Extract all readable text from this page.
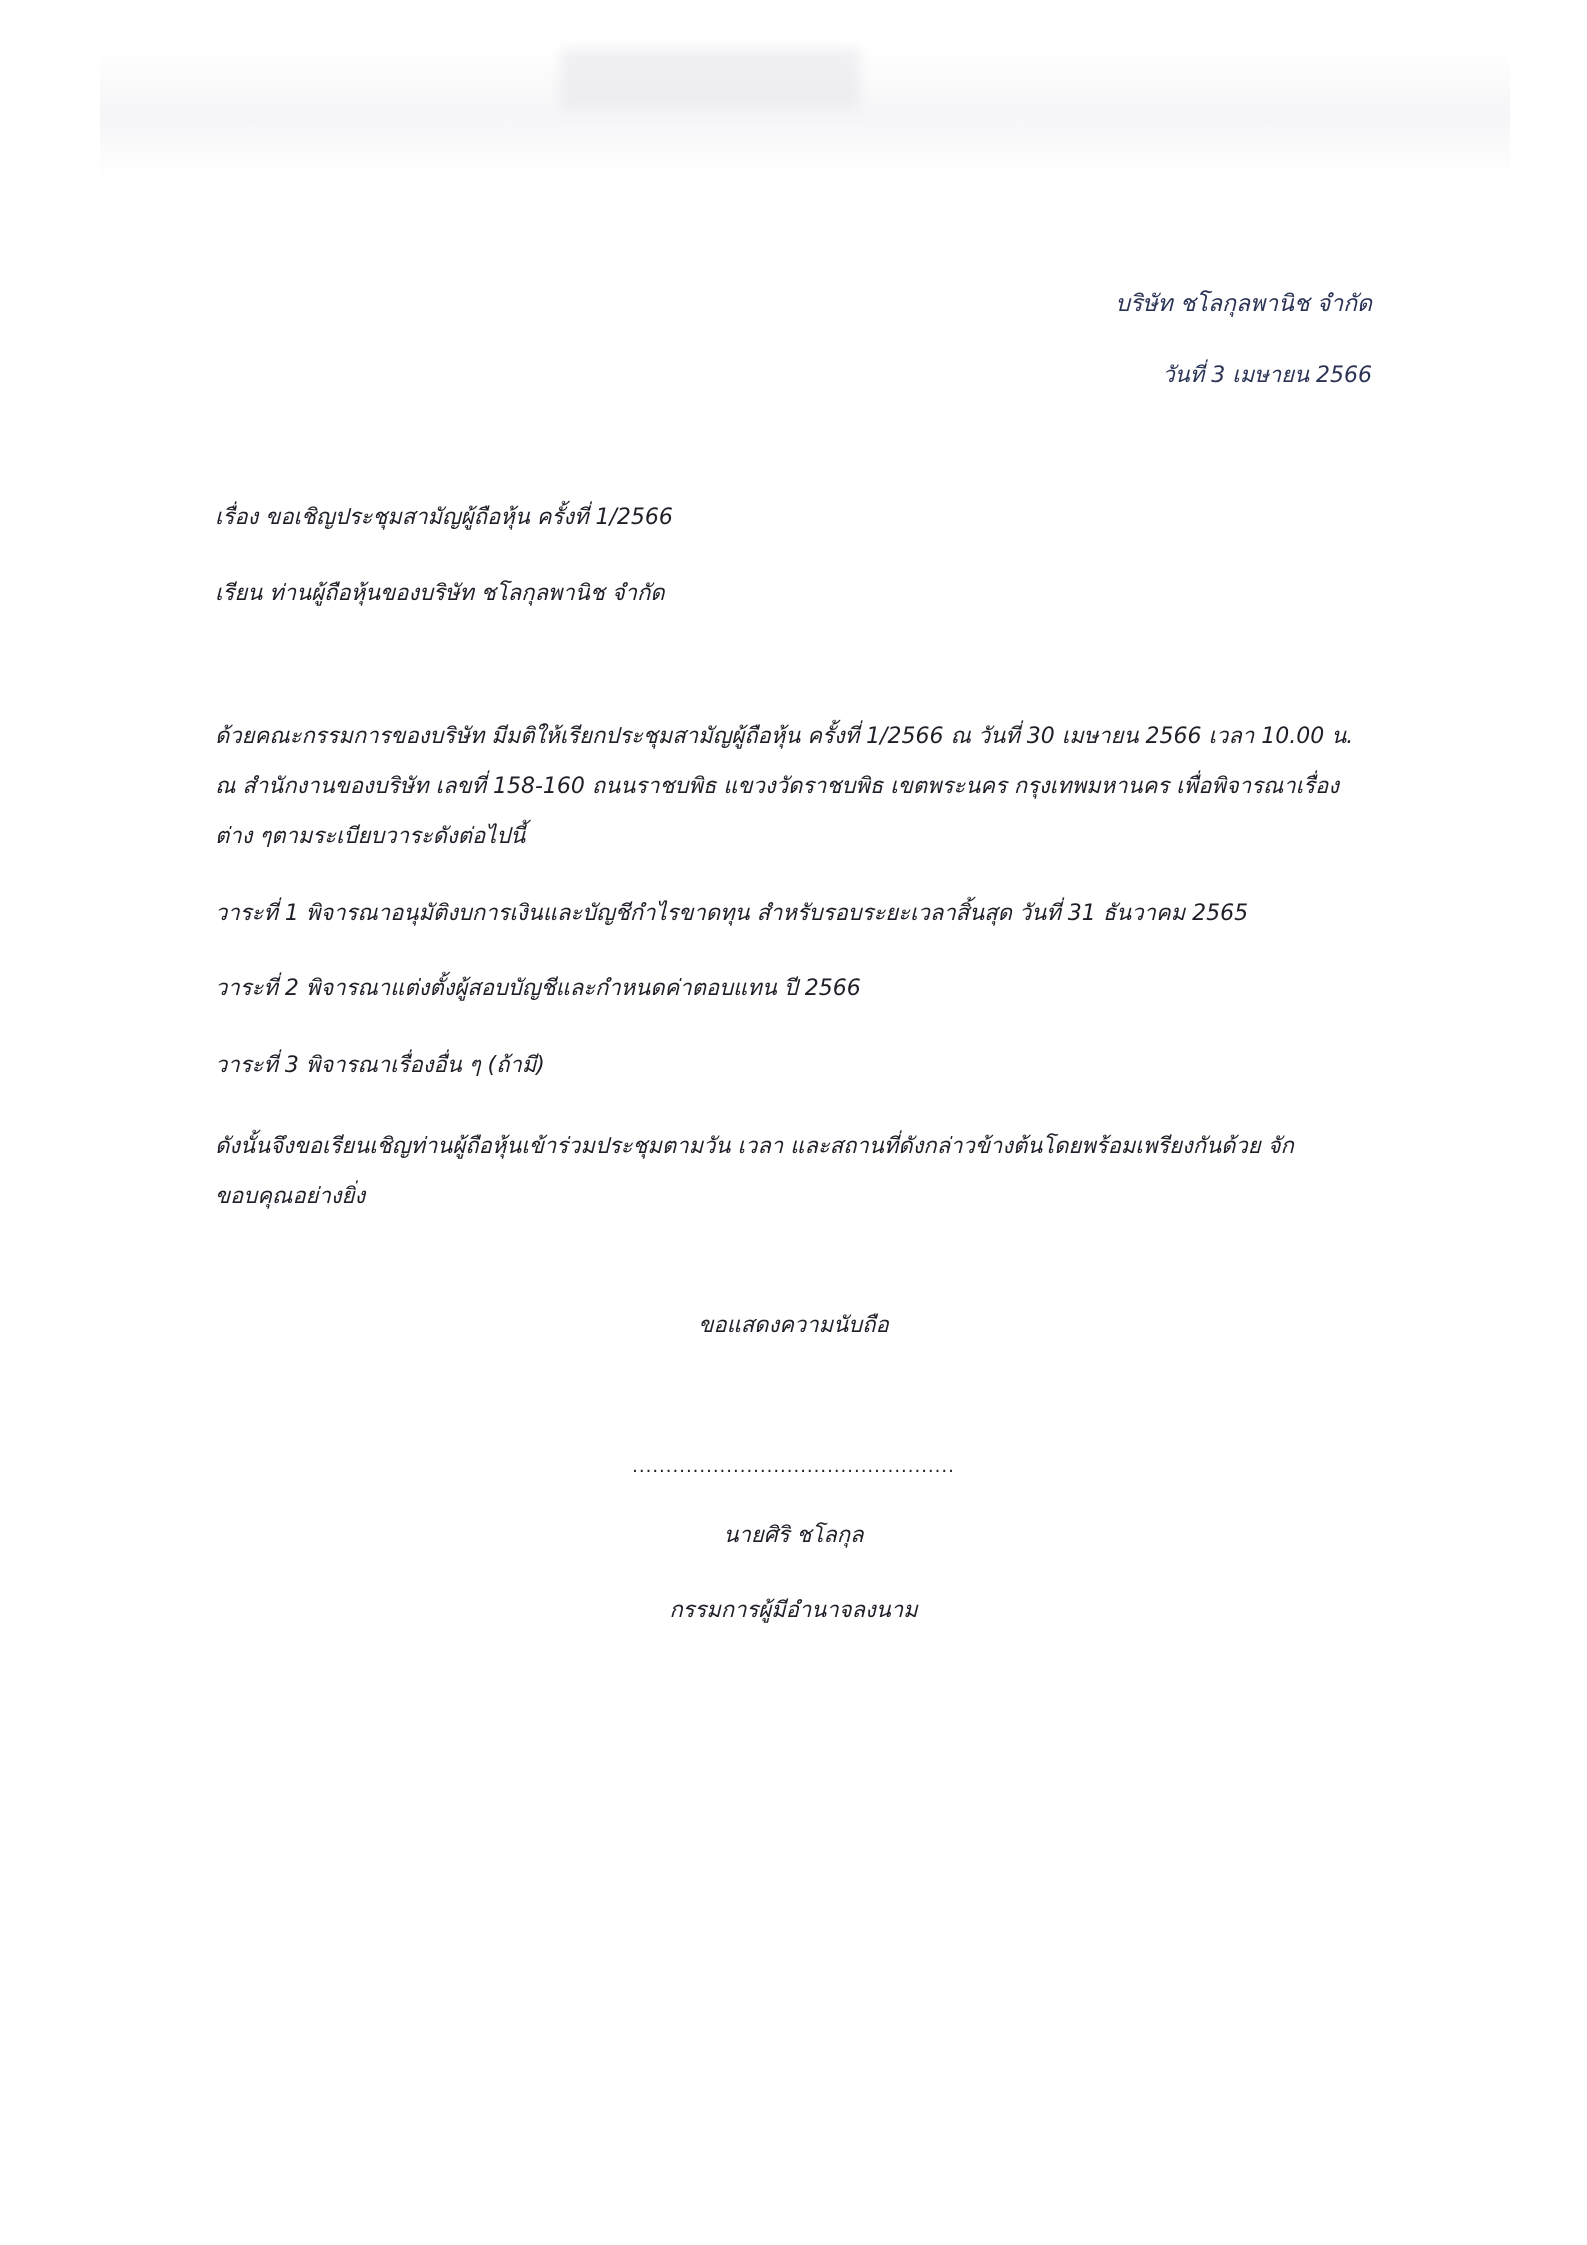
บริษัท ชโลกุลพานิช จำกัด
วันที่ 3 เมษายน 2566
เรื่อง ขอเชิญประชุมสามัญผู้ถือหุ้น ครั้งที่ 1/2566
เรียน ท่านผู้ถือหุ้นของบริษัท ชโลกุลพานิช จำกัด
ด้วยคณะกรรมการของบริษัท มีมติให้เรียกประชุมสามัญผู้ถือหุ้น ครั้งที่ 1/2566 ณ วันที่ 30 เมษายน 2566 เวลา 10.00 น.
ณ สำนักงานของบริษัท เลขที่ 158-160 ถนนราชบพิธ แขวงวัดราชบพิธ เขตพระนคร กรุงเทพมหานคร เพื่อพิจารณาเรื่อง
ต่าง ๆตามระเบียบวาระดังต่อไปนี้
วาระที่ 1 พิจารณาอนุมัติงบการเงินและบัญชีกำไรขาดทุน สำหรับรอบระยะเวลาสิ้นสุด วันที่ 31 ธันวาคม 2565
วาระที่ 2 พิจารณาแต่งตั้งผู้สอบบัญชีและกำหนดค่าตอบแทน ปี 2566
วาระที่ 3 พิจารณาเรื่องอื่น ๆ (ถ้ามี)
ดังนั้นจึงขอเรียนเชิญท่านผู้ถือหุ้นเข้าร่วมประชุมตามวัน เวลา และสถานที่ดังกล่าวข้างต้นโดยพร้อมเพรียงกันด้วย จัก
ขอบคุณอย่างยิ่ง
ขอแสดงความนับถือ
................................................
นายศิริ ชโลกุล
กรรมการผู้มีอำนาจลงนาม
